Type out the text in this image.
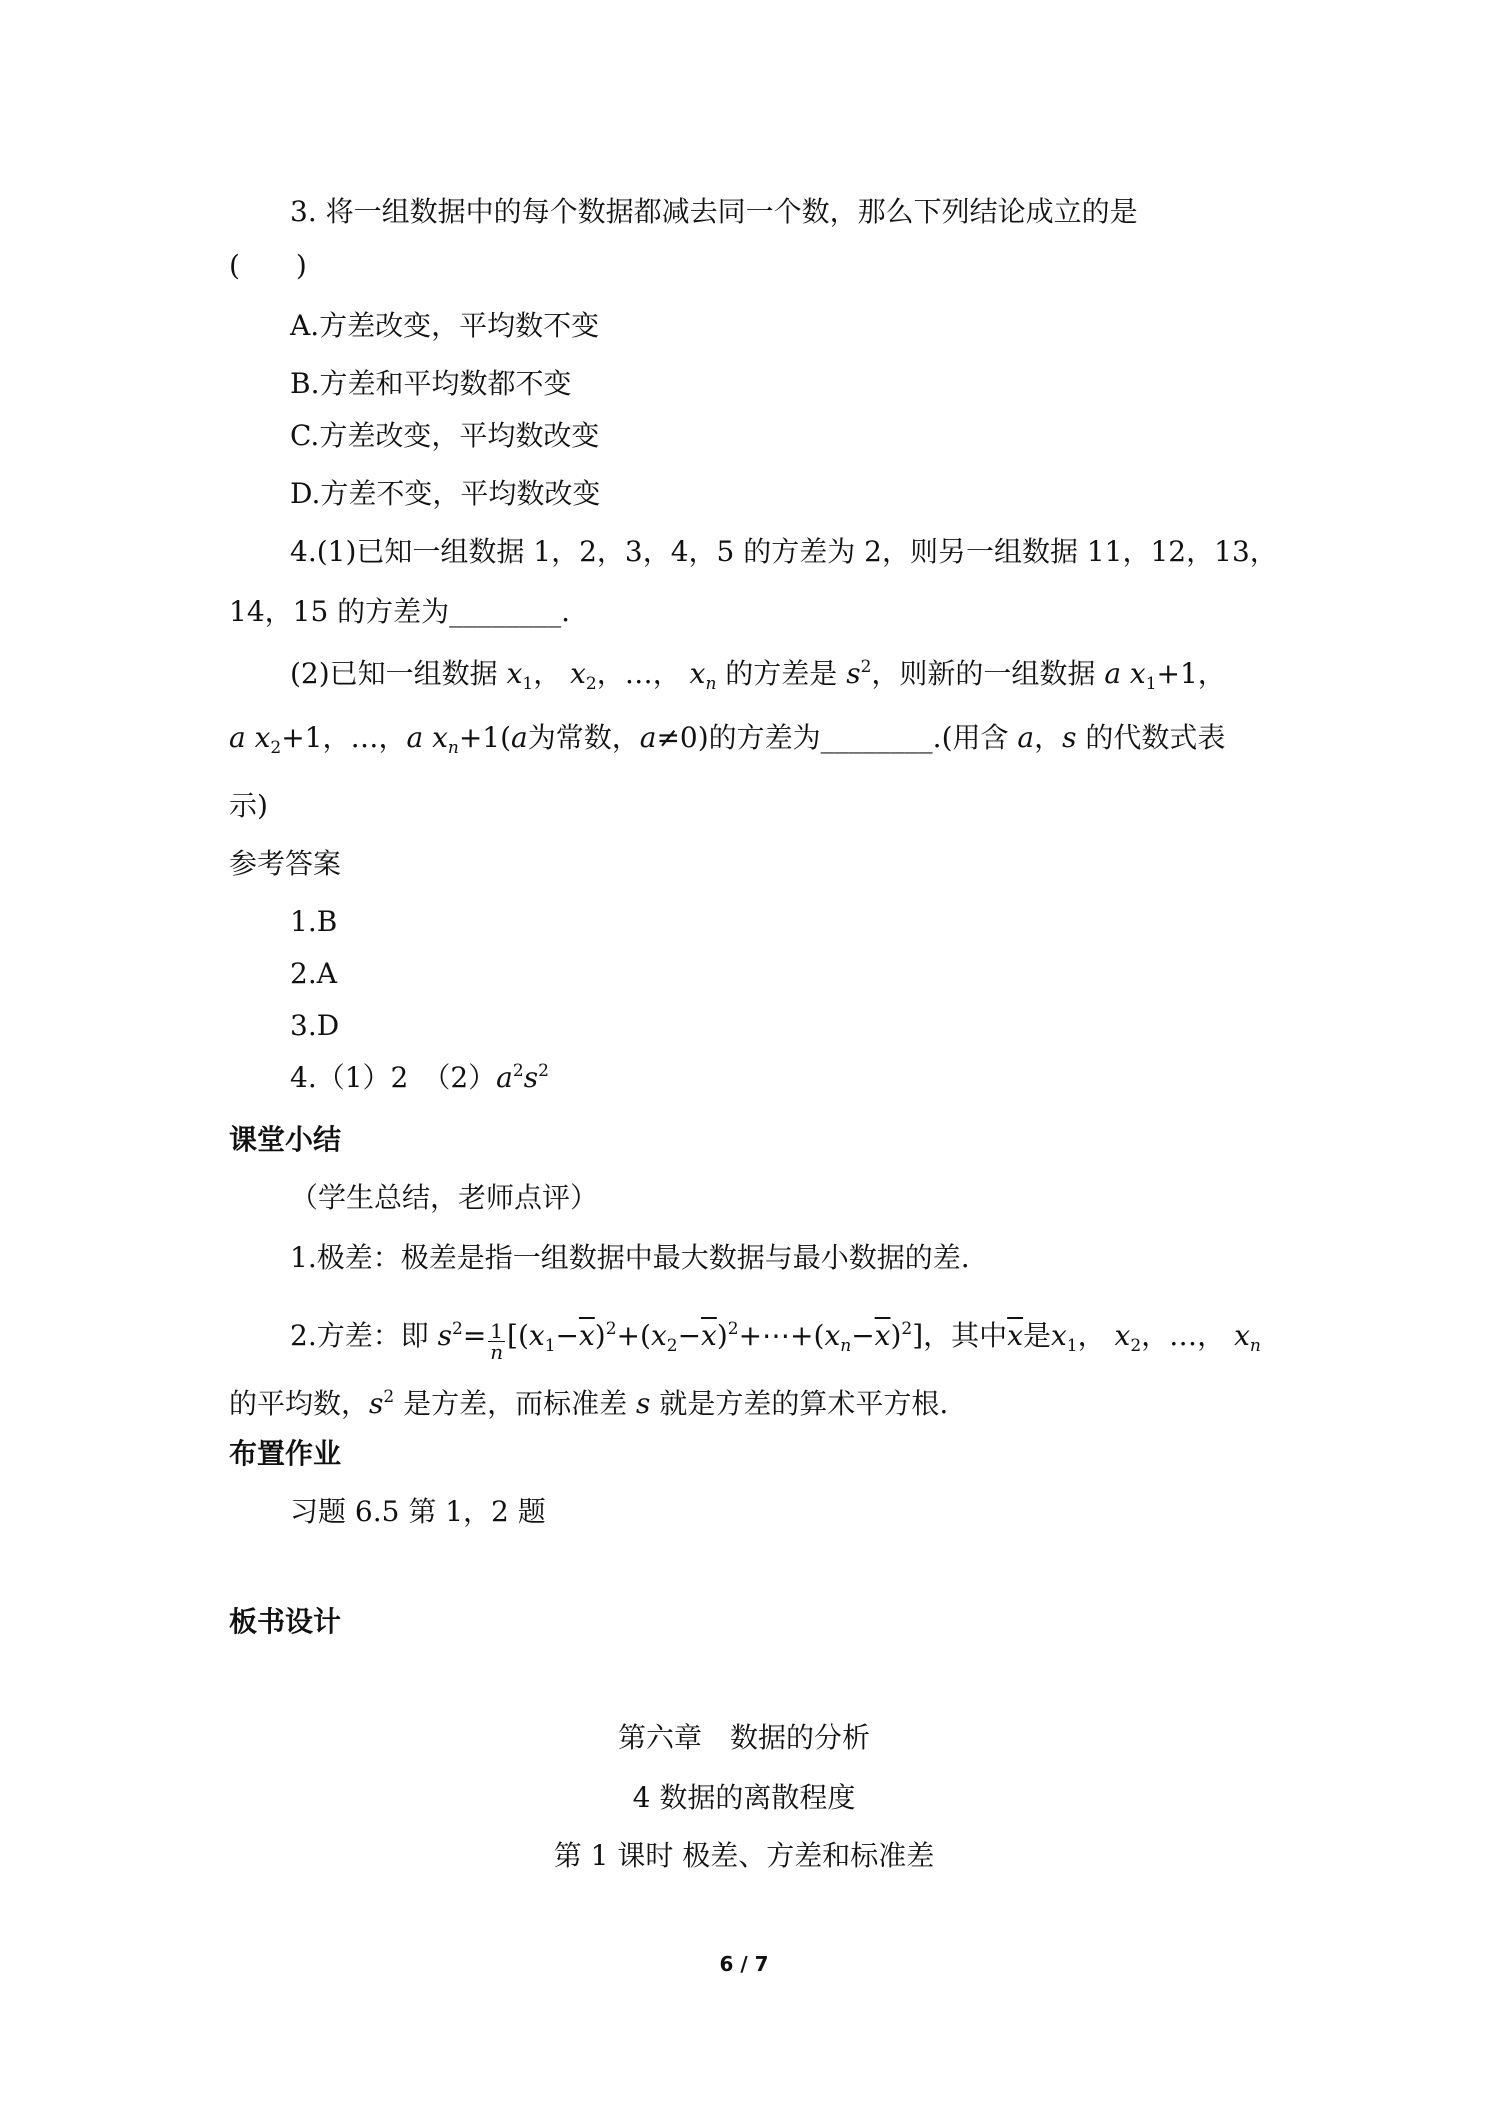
3. 将一组数据中的每个数据都减去同一个数，那么下列结论成立的是
(　　)
A.方差改变，平均数不变
B.方差和平均数都不变
C.方差改变，平均数改变
D.方差不变，平均数改变
4.(1)已知一组数据 1，2，3，4，5 的方差为 2，则另一组数据 11，12，13，
14，15 的方差为________.
(2)已知一组数据 $x_1$， $x_2$，…， $x_n$ 的方差是 $s^2$，则新的一组数据 a $x_1+1$，
a $x_2+1$，…，a $x_n+1(a$为常数，a≠0)的方差为________.(用含 a，s 的代数式表
示)
参考答案
1.B
2.A
3.D
4.（1）2　$(2)a^2s^2$
课堂小结
（学生总结，老师点评）
1.极差：极差是指一组数据中最大数据与最小数据的差.
2.方差：即 $s^2= \frac{1}{n}$ $[(x_1-\overline{x})^2+(x_2-\overline{x})^2+\cdots+(x_n-\overline{x})^2]$，其中$\overline{x}$是$x_1$， $x_2$，…， $x_n$
的平均数，$s^2$ 是方差，而标准差 s 就是方差的算术平方根.
布置作业
习题 6.5 第 1，2 题
板书设计
第六章　数据的分析
4 数据的离散程度
第 1 课时 极差、方差和标准差
6 / 7
